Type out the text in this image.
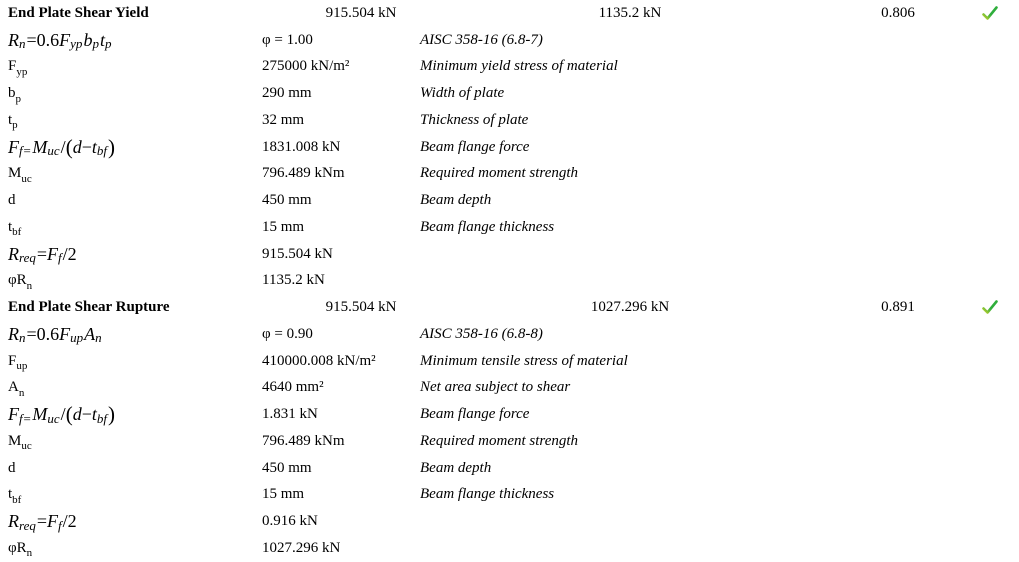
End Plate Shear Yield	915.504 kN	1135.2 kN	0.806
R n = 0.6 F yp b p t p	φ = 1.00	AISC 358-16 (6.8-7)
F yp	275000 kN/m²	Minimum yield stress of material
b p	290 mm	Width of plate
t p	32 mm	Thickness of plate
F f= M uc / ( d − t bf )	1831.008 kN	Beam flange force
M uc	796.489 kNm	Required moment strength
d	450 mm	Beam depth
t bf	15 mm	Beam flange thickness
R req = F f /2	915.504 kN
φR n	1135.2 kN
End Plate Shear Rupture	915.504 kN	1027.296 kN	0.891
R n = 0.6 F up A n	φ = 0.90	AISC 358-16 (6.8-8)
F up	410000.008 kN/m²	Minimum tensile stress of material
A n	4640 mm²	Net area subject to shear
F f= M uc / ( d − t bf )	1.831 kN	Beam flange force
M uc	796.489 kNm	Required moment strength
d	450 mm	Beam depth
t bf	15 mm	Beam flange thickness
R req = F f /2	0.916 kN
φR n	1027.296 kN
